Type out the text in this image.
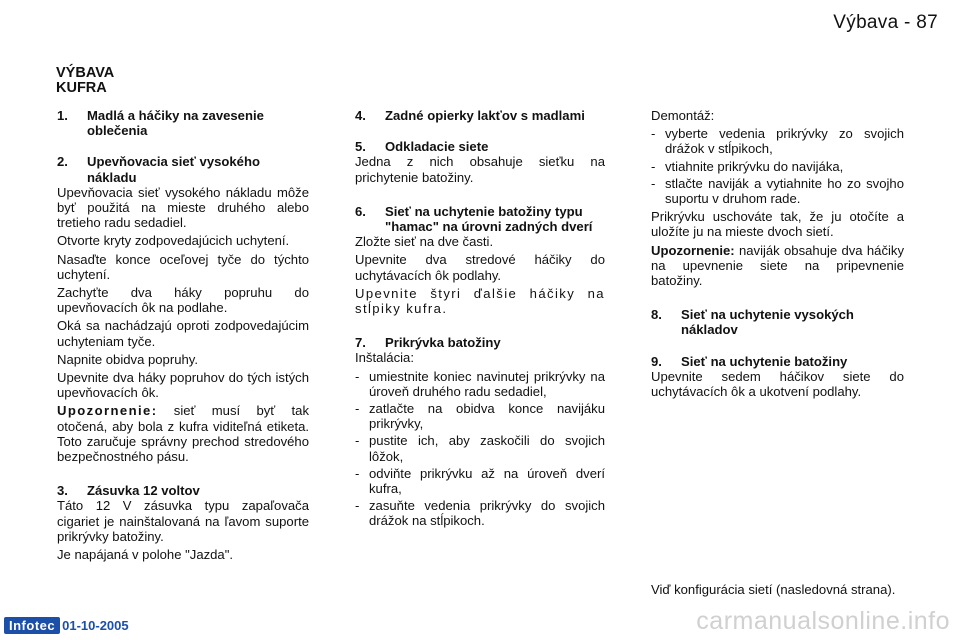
Výbava - 87
VÝBAVA
KUFRA
1.	Madlá a háčiky na zavesenie oblečenia
2.	Upevňovacia sieť vysokého nákladu

Upevňovacia sieť vysokého nákladu môže byť použitá na mieste druhého alebo tretieho radu sedadiel.

Otvorte kryty zodpovedajúcich uchytení.

Nasaďte konce oceľovej tyče do týchto uchytení.

Zachyťte dva háky popruhu do upevňovacích ôk na podlahe.

Oká sa nachádzajú oproti zodpovedajúcim uchyteniam tyče.

Napnite obidva popruhy.

Upevnite dva háky popruhov do tých istých upevňovacích ôk.

Upozornenie: sieť musí byť tak otočená, aby bola z kufra viditeľná etiketa. Toto zaručuje správny prechod stredového bezpečnostného pásu.

3.	Zásuvka 12 voltov

Táto 12 V zásuvka typu zapaľovača cigariet je nainštalovaná na ľavom suporte prikrývky batožiny.

Je napájaná v polohe "Jazda".

4.	Zadné opierky lakťov s madlami
5.	Odkladacie siete

Jedna z nich obsahuje sieťku na prichytenie batožiny.

6.	Sieť na uchytenie batožiny typu "hamac" na úrovni zadných dverí

Zložte sieť na dve časti.

Upevnite dva stredové háčiky do uchytávacích ôk podlahy.

Upevnite štyri ďalšie háčiky na stĺpiky kufra.

7.	Prikrývka batožiny

Inštalácia:

- umiestnite koniec navinutej prikrývky na úroveň druhého radu sedadiel,
- zatlačte na obidva konce navijáku prikrývky,
- pustite ich, aby zaskočili do svojich lôžok,
- odviňte prikrývku až na úroveň dverí kufra,
- zasuňte vedenia prikrývky do svojich drážok na stĺpikoch.

Demontáž:

- vyberte vedenia prikrývky zo svojich drážok v stĺpikoch,
- vtiahnite prikrývku do navijáka,
- stlačte naviják a vytiahnite ho zo svojho suportu v druhom rade.

Prikrývku uschováte tak, že ju otočíte a uložíte ju na mieste dvoch sietí.

Upozornenie: naviják obsahuje dva háčiky na upevnenie siete na pripevnenie batožiny.

8.	Sieť na uchytenie vysokých nákladov
9.	Sieť na uchytenie batožiny

Upevnite sedem háčikov siete do uchytávacích ôk a ukotvení podlahy.

Viď konfigurácia sietí (nasledovná strana).
Infotec 01-10-2005	carmanualsonline.info
